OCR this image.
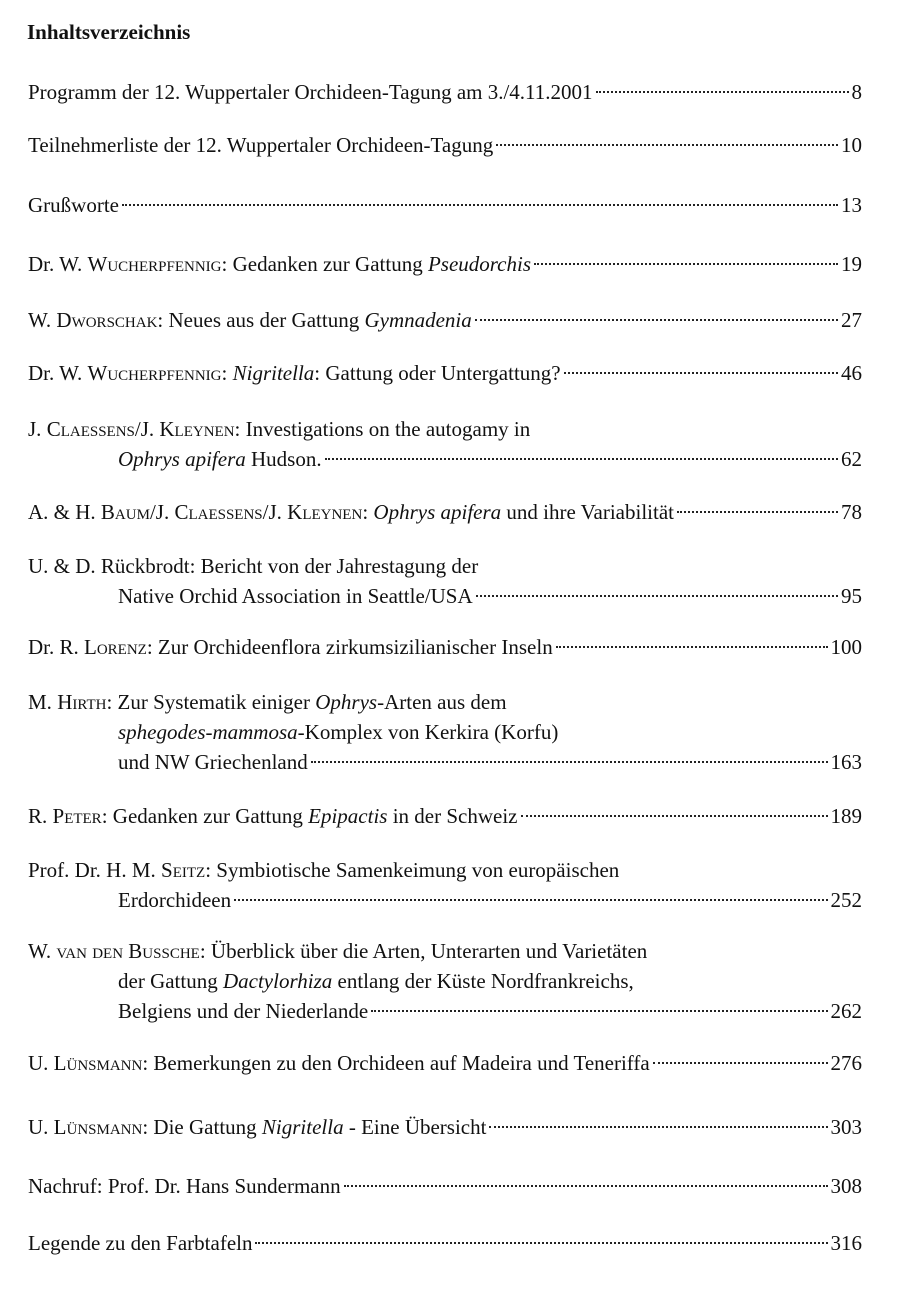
Inhaltsverzeichnis
Programm der 12. Wuppertaler Orchideen-Tagung am 3./4.11.2001	8
Teilnehmerliste der 12. Wuppertaler Orchideen-Tagung	10
Grußworte	13
Dr. W. Wucherpfennig: Gedanken zur Gattung Pseudorchis	19
W. Dworschak: Neues aus der Gattung Gymnadenia	27
Dr. W. Wucherpfennig: Nigritella: Gattung oder Untergattung?	46
J. Claessens/J. Kleynen: Investigations on the autogamy in
Ophrys apifera Hudson.	62
A. & H. Baum/J. Claessens/J. Kleynen: Ophrys apifera und ihre Variabilität	78
U. & D. Rückbrodt: Bericht von der Jahrestagung der
Native Orchid Association in Seattle/USA	95
Dr. R. Lorenz: Zur Orchideenflora zirkumsizilianischer Inseln	100
M. Hirth: Zur Systematik einiger Ophrys-Arten aus dem
sphegodes-mammosa-Komplex von Kerkira (Korfu)
und NW Griechenland	163
R. Peter: Gedanken zur Gattung Epipactis in der Schweiz	189
Prof. Dr. H. M. Seitz: Symbiotische Samenkeimung von europäischen
Erdorchideen	252
W. van den Bussche: Überblick über die Arten, Unterarten und Varietäten
der Gattung Dactylorhiza entlang der Küste Nordfrankreichs,
Belgiens und der Niederlande	262
U. Lünsmann: Bemerkungen zu den Orchideen auf Madeira und Teneriffa	276
U. Lünsmann: Die Gattung Nigritella - Eine Übersicht	303
Nachruf: Prof. Dr. Hans Sundermann	308
Legende zu den Farbtafeln	316
